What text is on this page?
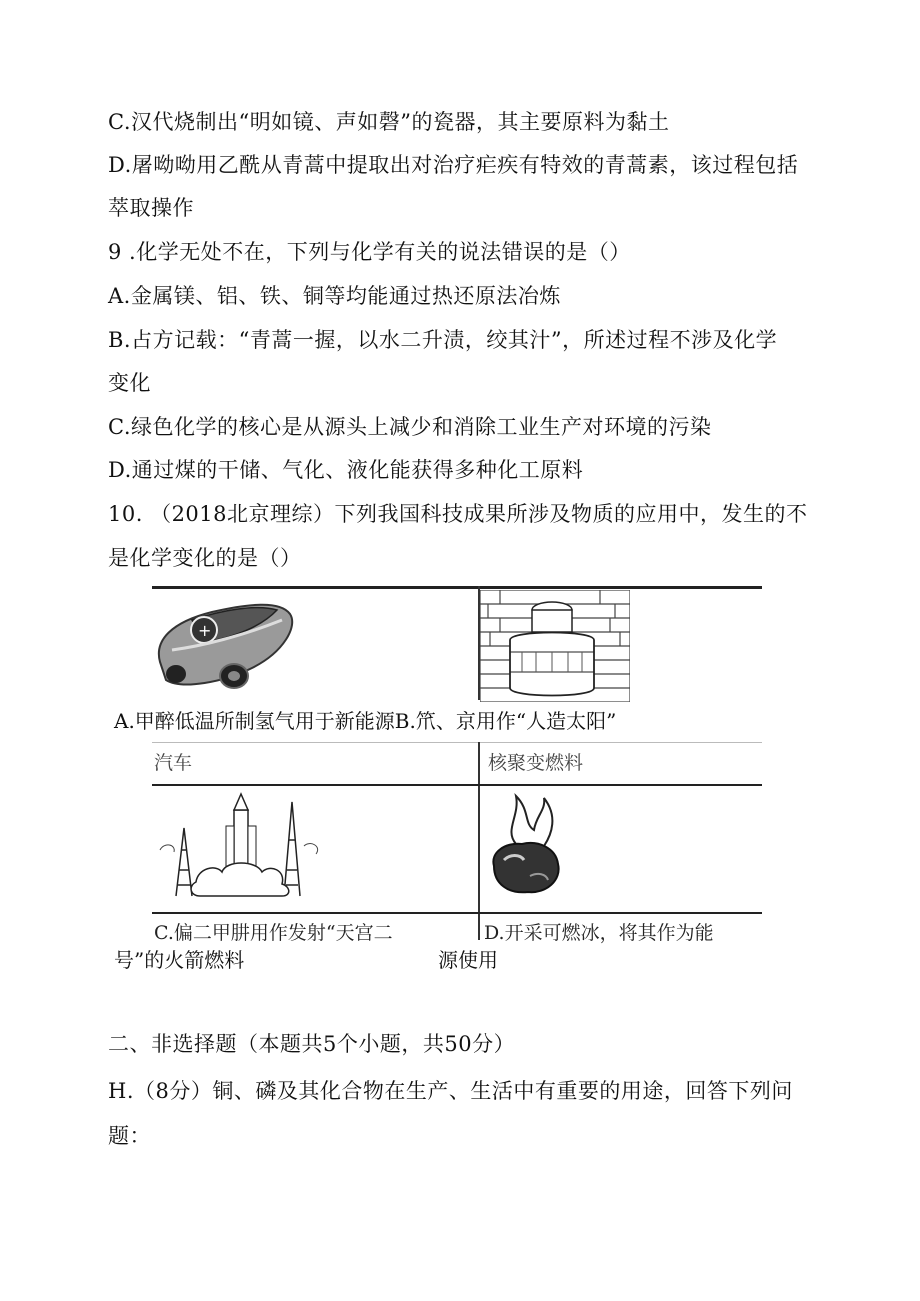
C.汉代烧制出“明如镜、声如磬”的瓷器，其主要原料为黏土
D.屠呦呦用乙酰从青蒿中提取出对治疗疟疾有特效的青蒿素，该过程包括
萃取操作
9 .化学无处不在，下列与化学有关的说法错误的是（）
A.金属镁、铝、铁、铜等均能通过热还原法冶炼
B.占方记载：“青蒿一握，以水二升渍，绞其汁”，所述过程不涉及化学
变化
C.绿色化学的核心是从源头上减少和消除工业生产对环境的污染
D.通过煤的干储、气化、液化能获得多种化工原料
10. （2018北京理综）下列我国科技成果所涉及物质的应用中，发生的不
是化学变化的是（）
+
A.甲醉低温所制氢气用于新能源B.笊、京用作“人造太阳”
汽车	核聚变燃料
C.偏二甲肼用作发射“天宫二	D.开采可燃冰，将其作为能
号”的火箭燃料	源使用
二、非选择题（本题共5个小题，共50分）
H.（8分）铜、磷及其化合物在生产、生活中有重要的用途，回答下列问
题：
